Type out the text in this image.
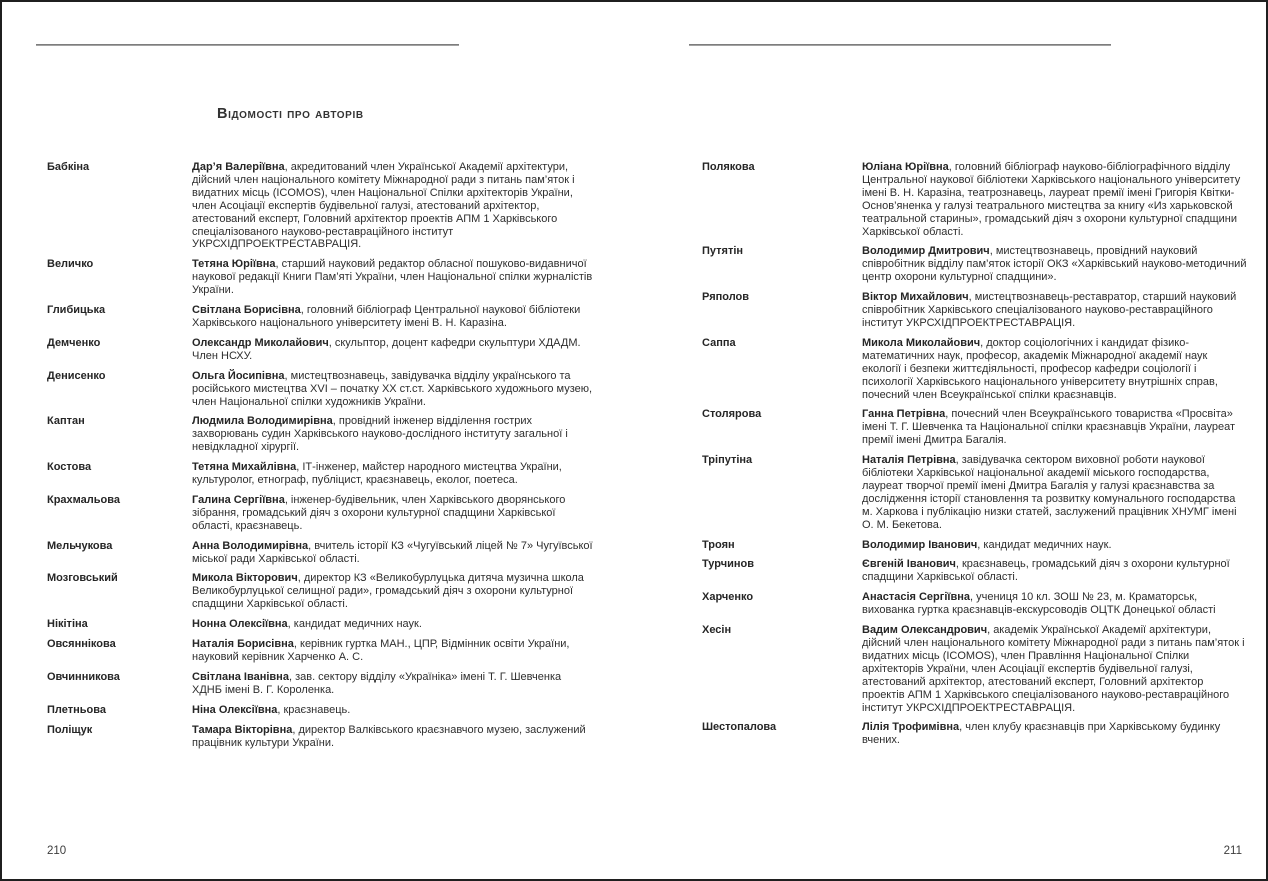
Відомості про авторів
Бабкіна	Дар’я Валеріївна, акредитований член Української Академії архітектури, дійсний член національного комітету Міжнародної ради з питань пам’яток і видатних місць (ICOMOS), член Національної Спілки архітекторів України, член Асоціації експертів будівельної галузі, атестований архітектор, атестований експерт, Головний архітектор проектів АПМ 1 Харківського спеціалізованого науково-реставраційного інститут УКРСХІДПРОЕКТРЕСТАВРАЦІЯ.
Величко	Тетяна Юріївна, старший науковий редактор обласної пошуково-видавничої наукової редакції Книги Пам’яті України, член Національної спілки журналістів України.
Глибицька	Світлана Борисівна, головний бібліограф Центральної наукової бібліотеки Харківського національного університету імені В. Н. Каразіна.
Демченко	Олександр Миколайович, скульптор, доцент кафедри скульптури ХДАДМ. Член НСХУ.
Денисенко	Ольга Йосипівна, мистецтвознавець, завідувачка відділу українського та російського мистецтва XVI – початку XX ст.ст. Харківського художнього музею, член Національної спілки художників України.
Каптан	Людмила Володимирівна, провідний інженер відділення гострих захворювань судин Харківського науково-дослідного інституту загальної і невідкладної хірургії.
Костова	Тетяна Михайлівна, ІТ-інженер, майстер народного мистецтва України, культуролог, етнограф, публіцист, краєзнавець, еколог, поетеса.
Крахмальова	Галина Сергіївна, інженер-будівельник, член Харківського дворянського зібрання, громадський діяч з охорони культурної спадщини Харківської області, краєзнавець.
Мельчукова	Анна Володимирівна, вчитель історії КЗ «Чугуївський ліцей № 7» Чугуївської міської ради Харківської області.
Мозговський	Микола Вікторович, директор КЗ «Великобурлуцька дитяча музична школа Великобурлуцької селищної ради», громадський діяч з охорони культурної спадщини Харківської області.
Нікітіна	Нонна Олексіївна, кандидат медичних наук.
Овсяннікова	Наталія Борисівна, керівник гуртка МАН., ЦПР, Відмінник освіти України, науковий керівник Харченко А. С.
Овчинникова	Світлана Іванівна, зав. сектору відділу «Україніка» імені Т. Г. Шевченка ХДНБ імені В. Г. Короленка.
Плетньова	Ніна Олексіївна, краєзнавець.
Поліщук	Тамара Вікторівна, директор Валківського краєзнавчого музею, заслужений працівник культури України.
Полякова	Юліана Юріївна, головний бібліограф науково-бібліографічного відділу Центральної наукової бібліотеки Харківського національного університету імені В. Н. Каразіна, театрознавець, лауреат премії імені Григорія Квітки-Основ’яненка у галузі театрального мистецтва за книгу «Из харьковской театральной старины», громадський діяч з охорони культурної спадщини Харківської області.
Путятін	Володимир Дмитрович, мистецтвознавець, провідний науковий співробітник відділу пам’яток історії ОКЗ «Харківський науково-методичний центр охорони культурної спадщини».
Ряполов	Віктор Михайлович, мистецтвознавець-реставратор, старший науковий співробітник Харківського спеціалізованого науково-реставраційного інститут УКРСХІДПРОЕКТРЕСТАВРАЦІЯ.
Саппа	Микола Миколайович, доктор соціологічних і кандидат фізико-математичних наук, професор, академік Міжнародної академії наук екології і безпеки життєдіяльності, професор кафедри соціології і психології Харківського національного університету внутрішніх справ, почесний член Всеукраїнської спілки краєзнавців.
Столярова	Ганна Петрівна, почесний член Всеукраїнського товариства «Просвіта» імені Т. Г. Шевченка та Національної спілки краєзнавців України, лауреат премії імені Дмитра Багалія.
Тріпутіна	Наталія Петрівна, завідувачка сектором виховної роботи наукової бібліотеки Харківської національної академії міського господарства, лауреат творчої премії імені Дмитра Багалія у галузі краєзнавства за дослідження історії становлення та розвитку комунального господарства м. Харкова і публікацію низки статей, заслужений працівник ХНУМГ імені О. М. Бекетова.
Троян	Володимир Іванович, кандидат медичних наук.
Турчинов	Євгеній Іванович, краєзнавець, громадський діяч з охорони культурної спадщини Харківської області.
Харченко	Анастасія Сергіївна, учениця 10 кл. ЗОШ № 23, м. Краматорськ, вихованка гуртка краєзнавців-екскурсоводів ОЦТК Донецької області
Хесін	Вадим Олександрович, академік Української Академії архітектури, дійсний член національного комітету Міжнародної ради з питань пам’яток і видатних місць (ICOMOS), член Правління Національної Спілки архітекторів України, член Асоціації експертів будівельної галузі, атестований архітектор, атестований експерт, Головний архітектор проектів АПМ 1 Харківського спеціалізованого науково-реставраційного інститут УКРСХІДПРОЕКТРЕСТАВРАЦІЯ.
Шестопалова	Лілія Трофимівна, член клубу краєзнавців при Харківському будинку вчених.
210	211
